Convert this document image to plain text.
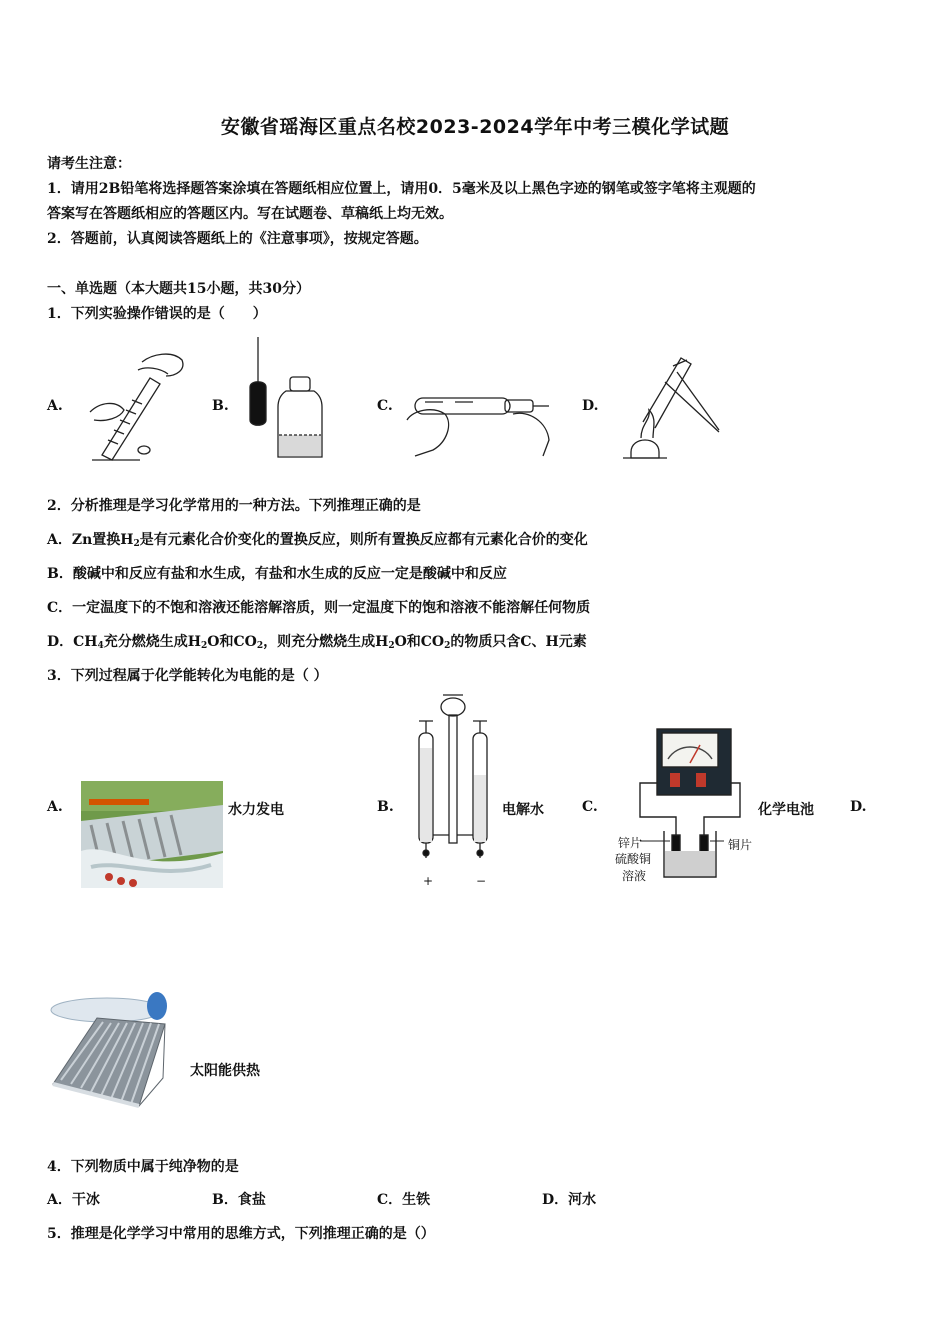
安徽省瑶海区重点名校2023-2024学年中考三模化学试题
请考生注意：
1．请用2B铅笔将选择题答案涂填在答题纸相应位置上，请用0．5毫米及以上黑色字迹的钢笔或签字笔将主观题的
答案写在答题纸相应的答题区内。写在试题卷、草稿纸上均无效。
2．答题前，认真阅读答题纸上的《注意事项》，按规定答题。
一、单选题（本大题共15小题，共30分）
1．下列实验操作错误的是（　　）
A.	B.	C.	D.
2．分析推理是学习化学常用的一种方法。下列推理正确的是
A．Zn置换$H_2$是有元素化合价变化的置换反应，则所有置换反应都有元素化合价的变化
B．酸碱中和反应有盐和水生成，有盐和水生成的反应一定是酸碱中和反应
C．一定温度下的不饱和溶液还能溶解溶质，则一定温度下的饱和溶液不能溶解任何物质
D．$CH_4$充分燃烧生成$H_2O$和$CO_2$，则充分燃烧生成$H_2O$和$CO_2$的物质只含C、H元素
3．下列过程属于化学能转化为电能的是（ ）
A.	水力发电	B.
+	−
电解水	C.
锌片	铜片
硫酸铜
溶液
化学电池	D.
太阳能供热
4．下列物质中属于纯净物的是
A．干冰	B．食盐	C．生铁	D．河水
5．推理是化学学习中常用的思维方式，下列推理正确的是（）
